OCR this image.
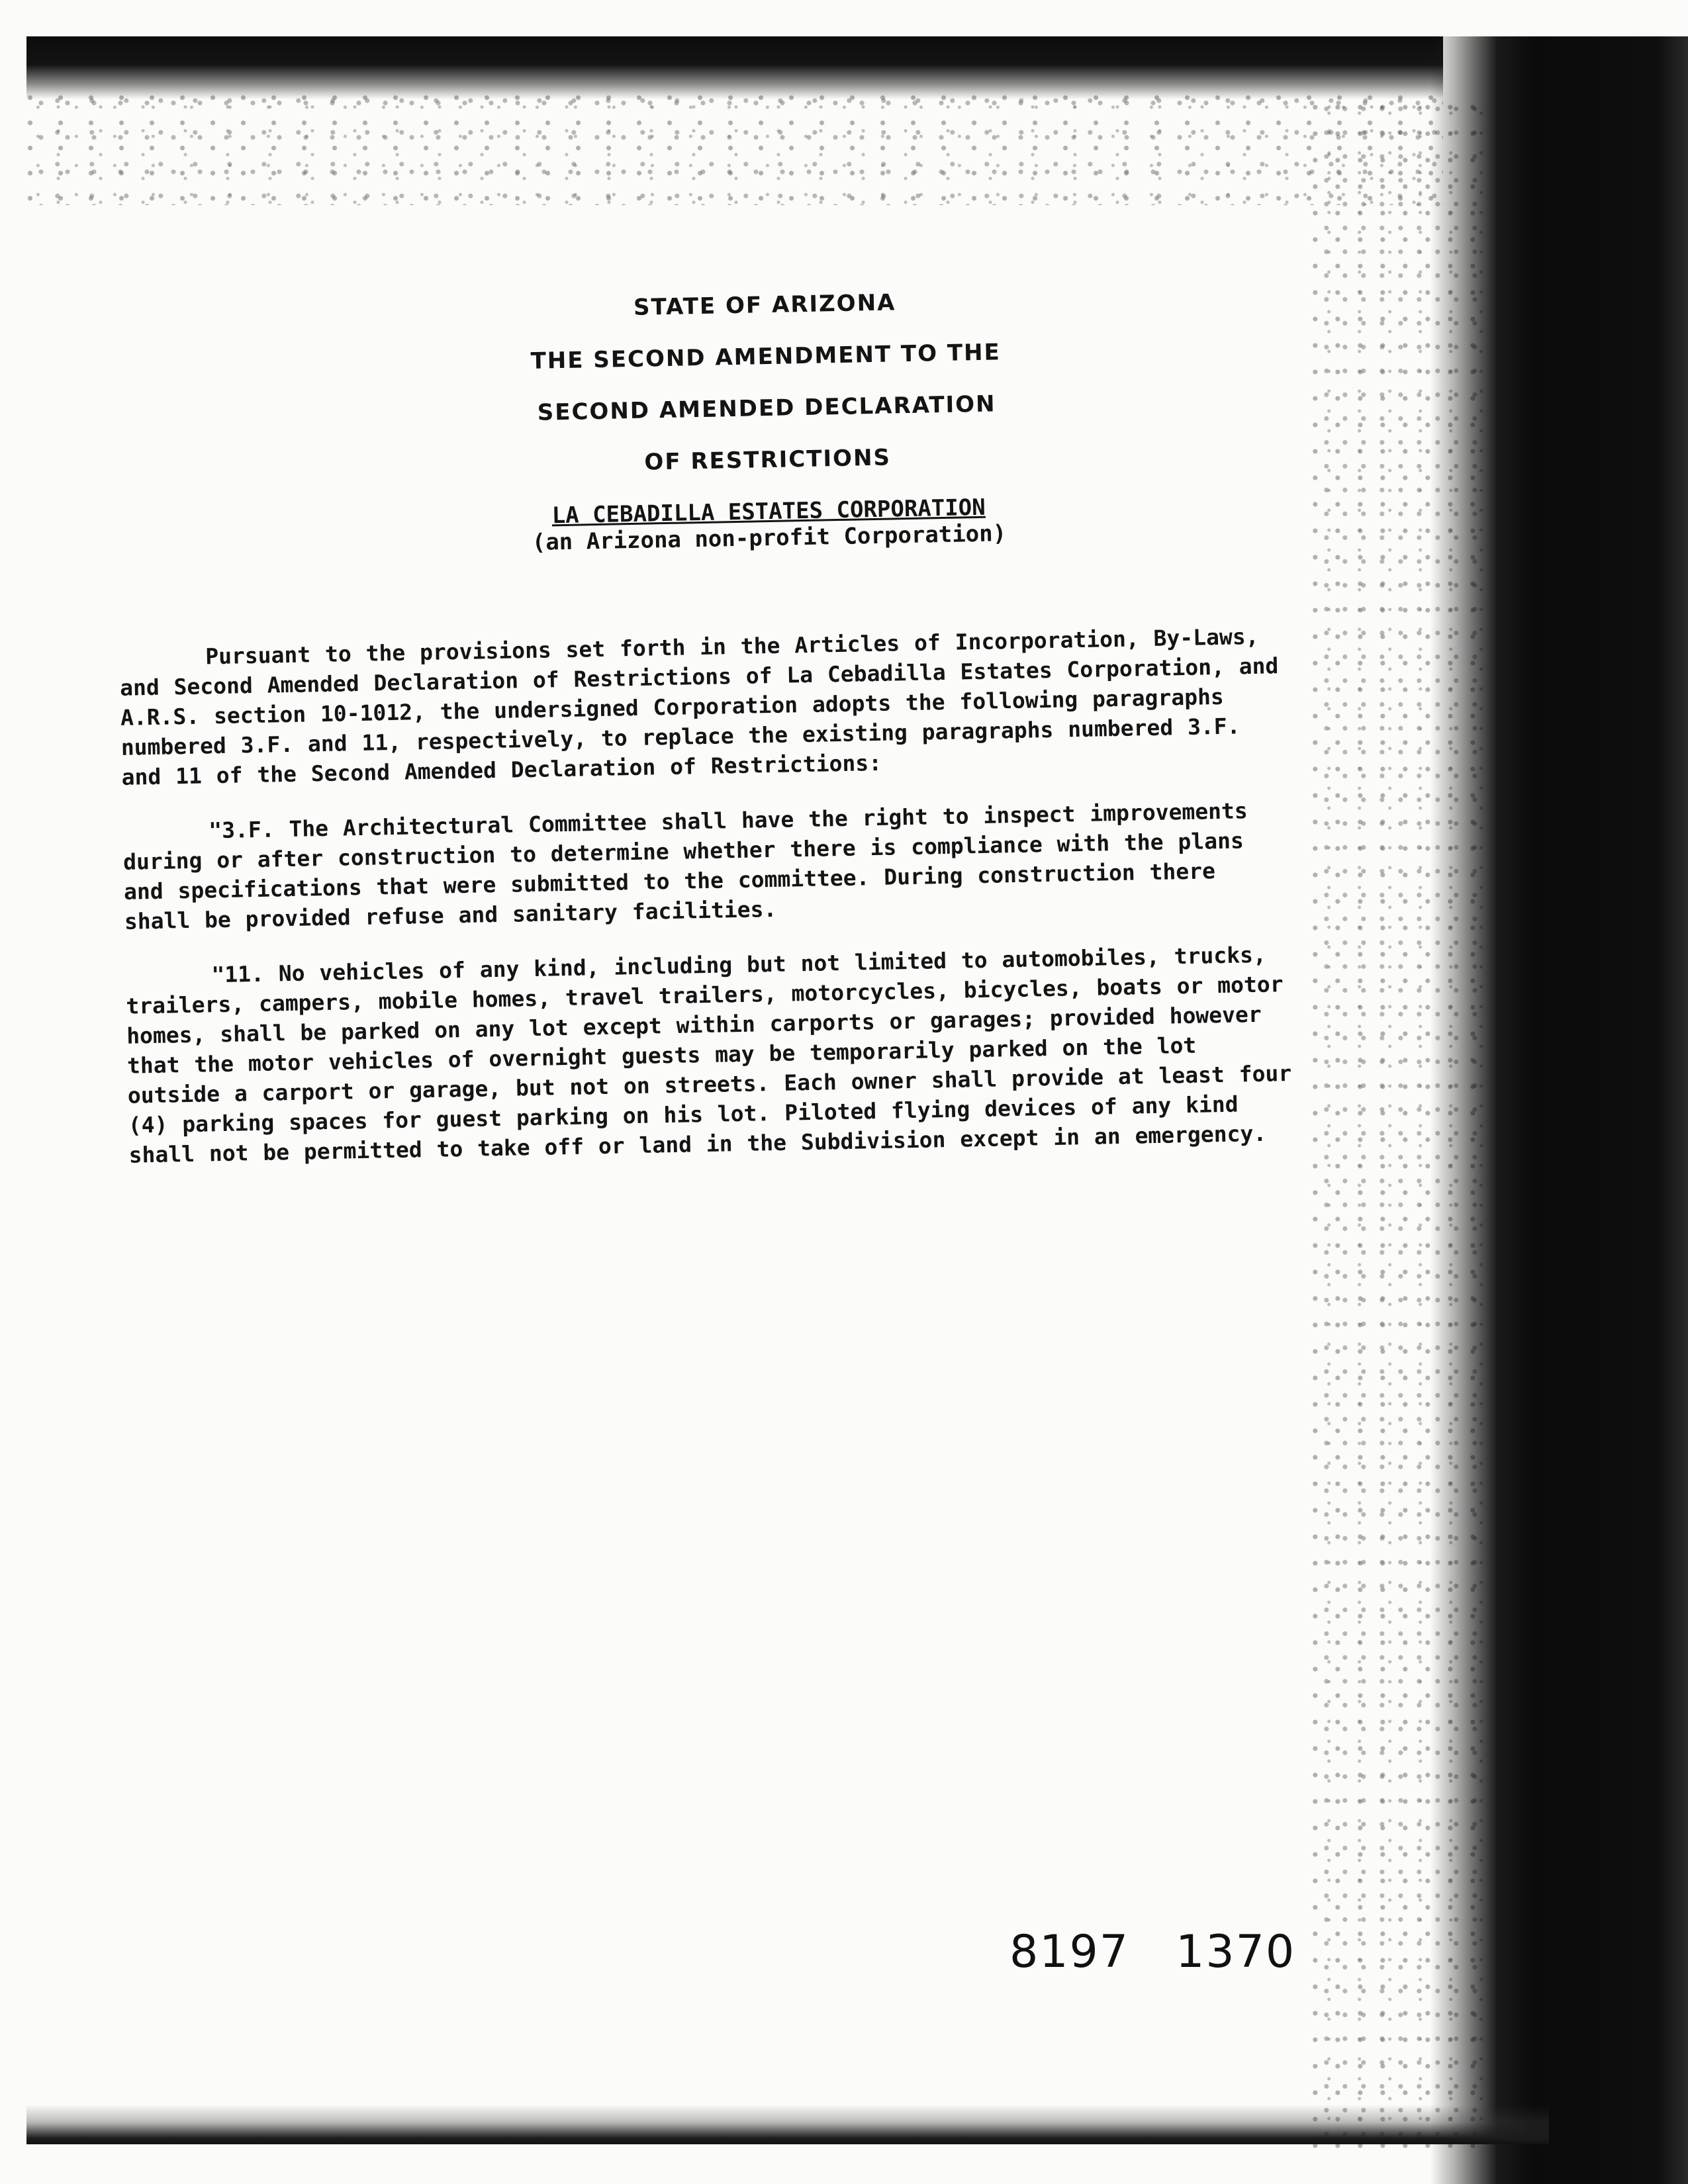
STATE OF ARIZONA
THE SECOND AMENDMENT TO THE
SECOND AMENDED DECLARATION
OF RESTRICTIONS
LA CEBADILLA ESTATES CORPORATION
(an Arizona non-profit Corporation)

Pursuant to the provisions set forth in the Articles of Incorporation, By-Laws, and Second Amended Declaration of Restrictions of La Cebadilla Estates Corporation, and A.R.S. section 10-1012, the undersigned Corporation adopts the following paragraphs numbered 3.F. and 11, respectively, to replace the existing paragraphs numbered 3.F. and 11 of the Second Amended Declaration of Restrictions:

"3.F. The Architectural Committee shall have the right to inspect improvements during or after construction to determine whether there is compliance with the plans and specifications that were submitted to the committee. During construction there shall be provided refuse and sanitary facilities.

"11. No vehicles of any kind, including but not limited to automobiles, trucks, trailers, campers, mobile homes, travel trailers, motorcycles, bicycles, boats or motor homes, shall be parked on any lot except within carports or garages; provided however that the motor vehicles of overnight guests may be temporarily parked on the lot outside a carport or garage, but not on streets. Each owner shall provide at least four (4) parking spaces for guest parking on his lot. Piloted flying devices of any kind shall not be permitted to take off or land in the Subdivision except in an emergency.

8197 1370
